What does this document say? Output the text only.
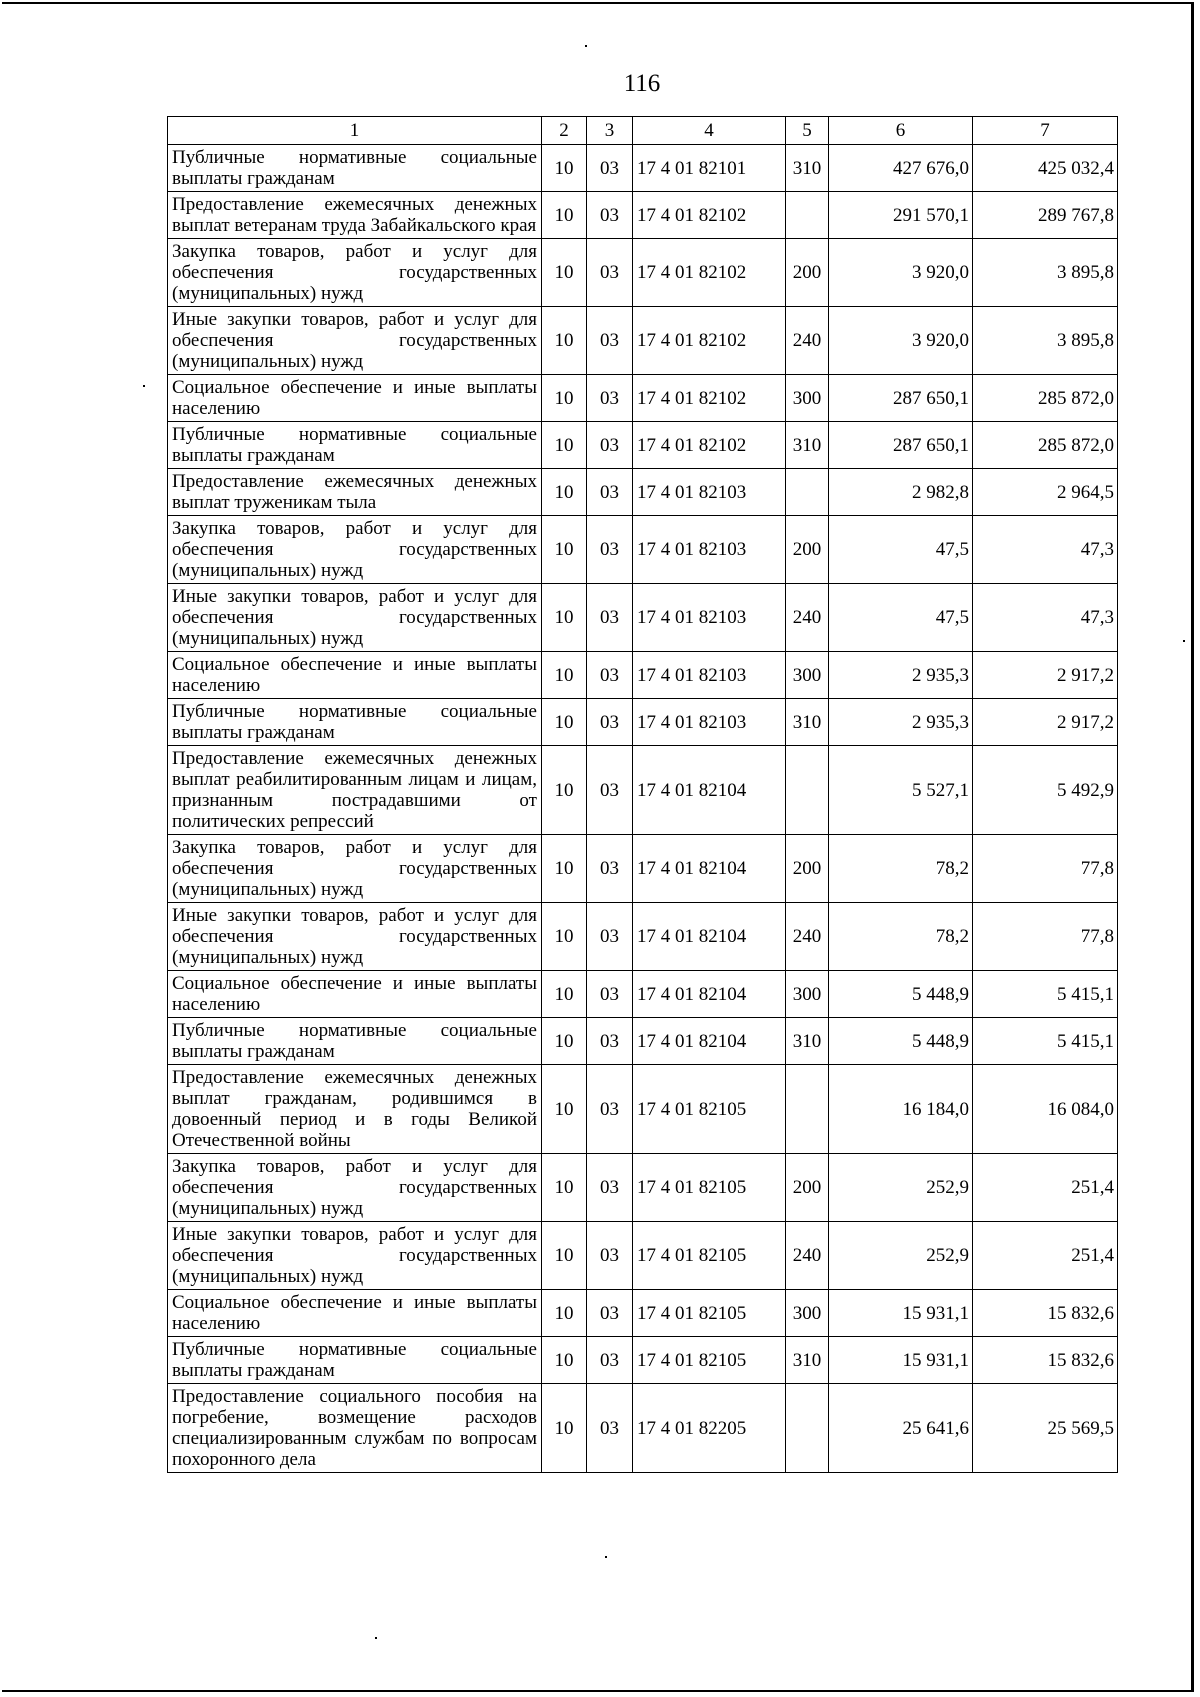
116
1	2	3	4	5	6	7
Публичные нормативные социальные выплаты гражданам	10	03	17 4 01 82101	310	427 676,0	425 032,4
Предоставление ежемесячных денежных выплат ветеранам труда Забайкальского края	10	03	17 4 01 82102		291 570,1	289 767,8
Закупка товаров, работ и услуг для обеспечения государственных (муниципальных) нужд	10	03	17 4 01 82102	200	3 920,0	3 895,8
Иные закупки товаров, работ и услуг для обеспечения государственных (муниципальных) нужд	10	03	17 4 01 82102	240	3 920,0	3 895,8
Социальное обеспечение и иные выплаты населению	10	03	17 4 01 82102	300	287 650,1	285 872,0
Публичные нормативные социальные выплаты гражданам	10	03	17 4 01 82102	310	287 650,1	285 872,0
Предоставление ежемесячных денежных выплат труженикам тыла	10	03	17 4 01 82103		2 982,8	2 964,5
Закупка товаров, работ и услуг для обеспечения государственных (муниципальных) нужд	10	03	17 4 01 82103	200	47,5	47,3
Иные закупки товаров, работ и услуг для обеспечения государственных (муниципальных) нужд	10	03	17 4 01 82103	240	47,5	47,3
Социальное обеспечение и иные выплаты населению	10	03	17 4 01 82103	300	2 935,3	2 917,2
Публичные нормативные социальные выплаты гражданам	10	03	17 4 01 82103	310	2 935,3	2 917,2
Предоставление ежемесячных денежных выплат реабилитированным лицам и лицам, признанным пострадавшими от политических репрессий	10	03	17 4 01 82104		5 527,1	5 492,9
Закупка товаров, работ и услуг для обеспечения государственных (муниципальных) нужд	10	03	17 4 01 82104	200	78,2	77,8
Иные закупки товаров, работ и услуг для обеспечения государственных (муниципальных) нужд	10	03	17 4 01 82104	240	78,2	77,8
Социальное обеспечение и иные выплаты населению	10	03	17 4 01 82104	300	5 448,9	5 415,1
Публичные нормативные социальные выплаты гражданам	10	03	17 4 01 82104	310	5 448,9	5 415,1
Предоставление ежемесячных денежных выплат гражданам, родившимся в довоенный период и в годы Великой Отечественной войны	10	03	17 4 01 82105		16 184,0	16 084,0
Закупка товаров, работ и услуг для обеспечения государственных (муниципальных) нужд	10	03	17 4 01 82105	200	252,9	251,4
Иные закупки товаров, работ и услуг для обеспечения государственных (муниципальных) нужд	10	03	17 4 01 82105	240	252,9	251,4
Социальное обеспечение и иные выплаты населению	10	03	17 4 01 82105	300	15 931,1	15 832,6
Публичные нормативные социальные выплаты гражданам	10	03	17 4 01 82105	310	15 931,1	15 832,6
Предоставление социального пособия на погребение, возмещение расходов специализированным службам по вопросам похоронного дела	10	03	17 4 01 82205		25 641,6	25 569,5
